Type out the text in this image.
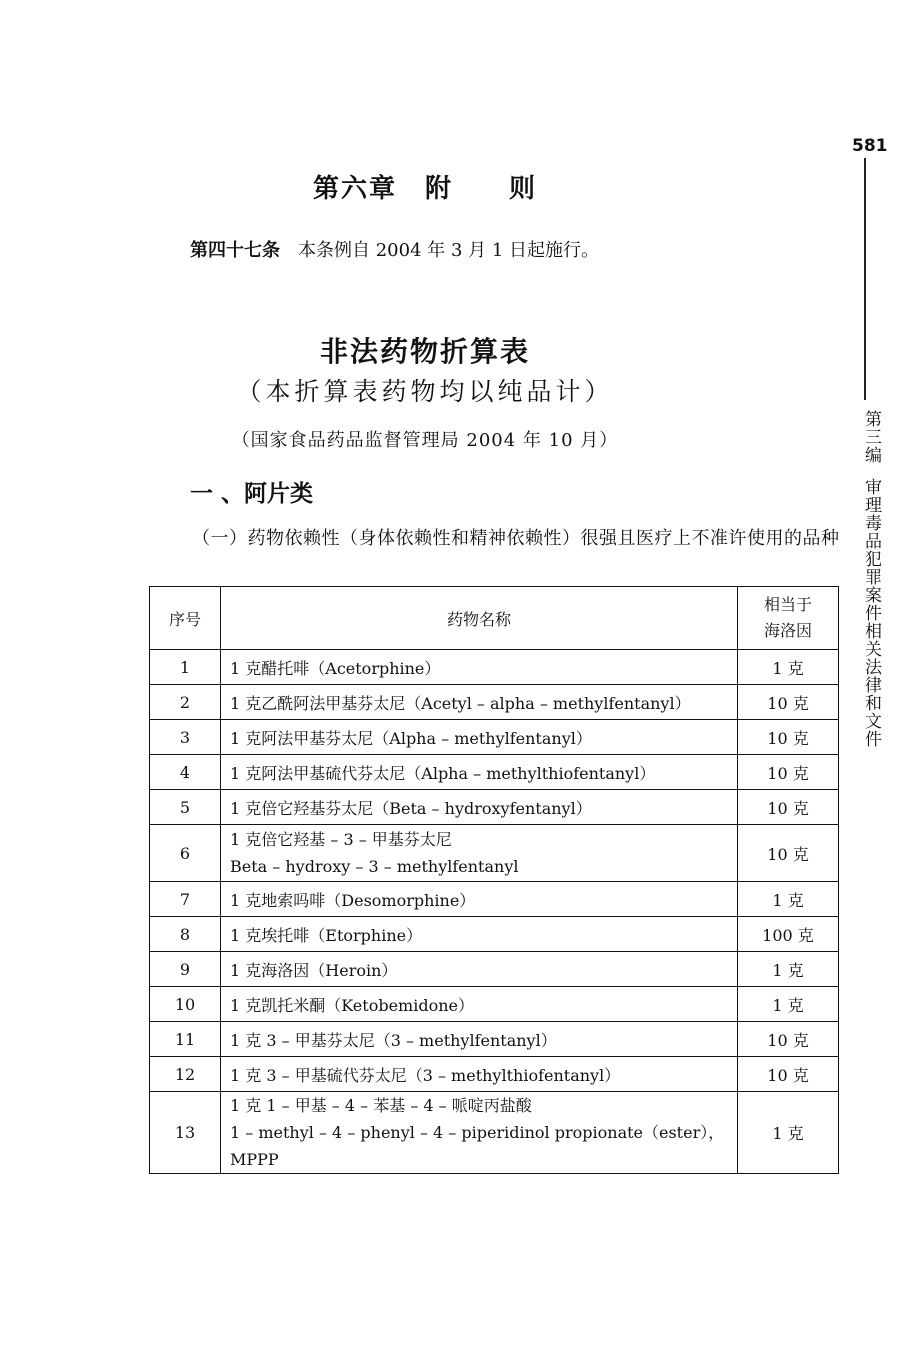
581
第三编审理毒品犯罪案件相关法律和文件
第六章　附　　则
第四十七条 本条例自 2004 年 3 月 1 日起施行。
非法药物折算表
（本折算表药物均以纯品计）
（国家食品药品监督管理局 2004 年 10 月）
一 、阿片类
（一）药物依赖性（身体依赖性和精神依赖性）很强且医疗上不准许使用的品种
序号	药物名称	相当于
海洛因

1	1 克醋托啡（Acetorphine）	1 克
2	1 克乙酰阿法甲基芬太尼（Acetyl – alpha – methylfentanyl）	10 克
3	1 克阿法甲基芬太尼（Alpha – methylfentanyl）	10 克
4	1 克阿法甲基硫代芬太尼（Alpha – methylthiofentanyl）	10 克
5	1 克倍它羟基芬太尼（Beta – hydroxyfentanyl）	10 克
6	1 克倍它羟基 – 3 – 甲基芬太尼
Beta – hydroxy – 3 – methylfentanyl	10 克
7	1 克地索吗啡（Desomorphine）	1 克
8	1 克埃托啡（Etorphine）	100 克
9	1 克海洛因（Heroin）	1 克
10	1 克凯托米酮（Ketobemidone）	1 克
11	1 克 3 – 甲基芬太尼（3 – methylfentanyl）	10 克
12	1 克 3 – 甲基硫代芬太尼（3 – methylthiofentanyl）	10 克
13	1 克 1 – 甲基 – 4 – 苯基 – 4 – 哌啶丙盐酸
1 – methyl – 4 – phenyl – 4 – piperidinol propionate（ester），MPPP	1 克
